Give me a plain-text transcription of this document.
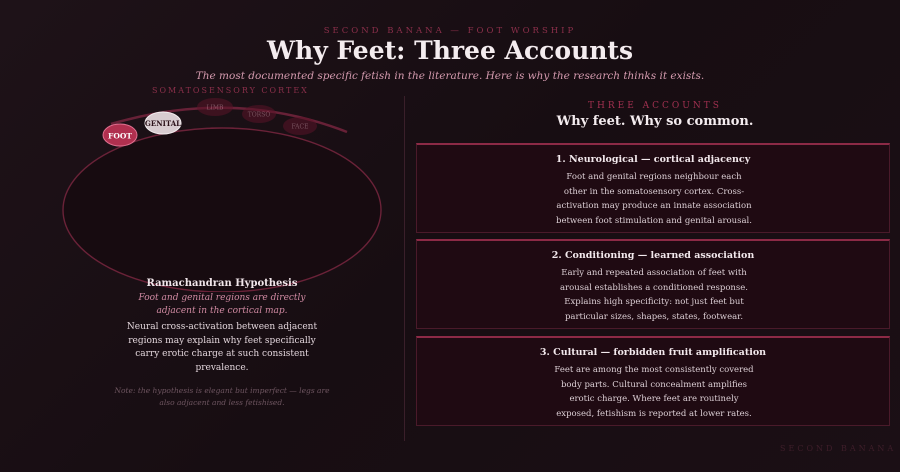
SECOND BANANA — FOOT WORSHIP
Why Feet: Three Accounts
The most documented specific fetish in the literature. Here is why the research thinks it exists.
SOMATOSENSORY CORTEX
FOOT
GENITAL
LIMB
TORSO
FACE
Ramachandran Hypothesis
Foot and genital regions are directly adjacent in the cortical map.
Neural cross-activation between adjacent regions may explain why feet specifically carry erotic charge at such consistent prevalence.
Note: the hypothesis is elegant but imperfect — legs are also adjacent and less fetishised.
THREE ACCOUNTS
Why feet. Why so common.
1. Neurological — cortical adjacency

Foot and genital regions neighbour each other in the somatosensory cortex. Cross-activation may produce an innate association between foot stimulation and genital arousal.

2. Conditioning — learned association

Early and repeated association of feet with arousal establishes a conditioned response. Explains high specificity: not just feet but particular sizes, shapes, states, footwear.

3. Cultural — forbidden fruit amplification

Feet are among the most consistently covered body parts. Cultural concealment amplifies erotic charge. Where feet are routinely exposed, fetishism is reported at lower rates.

SECOND BANANA
